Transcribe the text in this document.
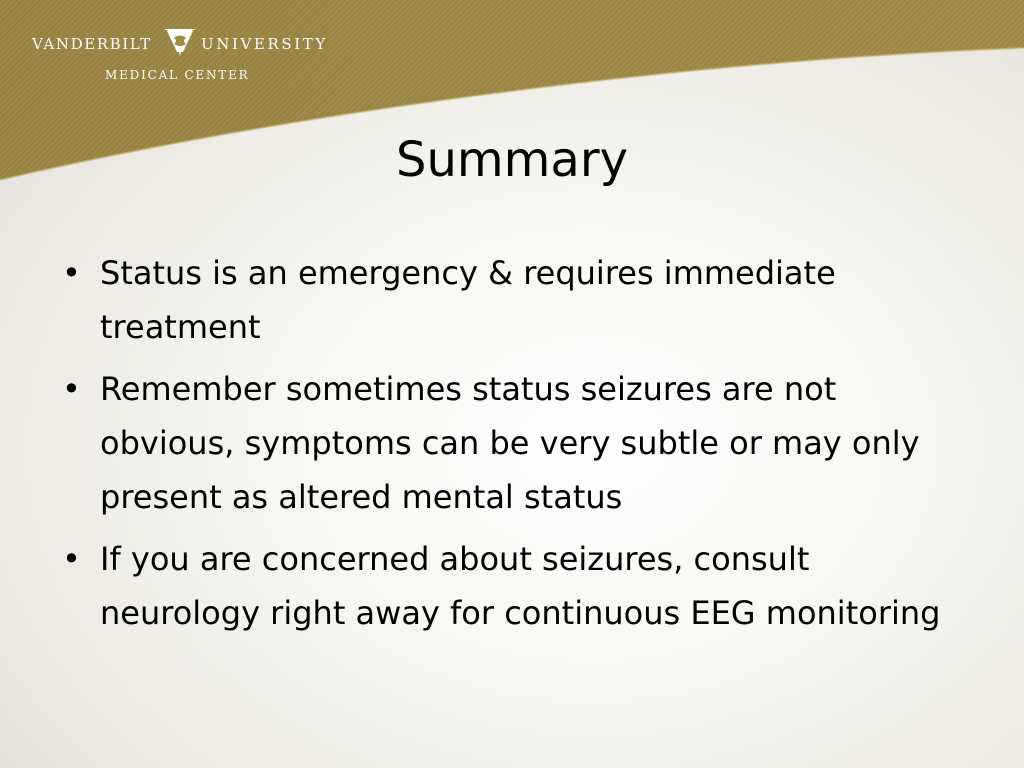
VANDERBILT	UNIVERSITY
MEDICAL CENTER
Summary
• Status is an emergency & requires immediate treatment
• Remember sometimes status seizures are not obvious, symptoms can be very subtle or may only present as altered mental status
• If you are concerned about seizures, consult neurology right away for continuous EEG monitoring
